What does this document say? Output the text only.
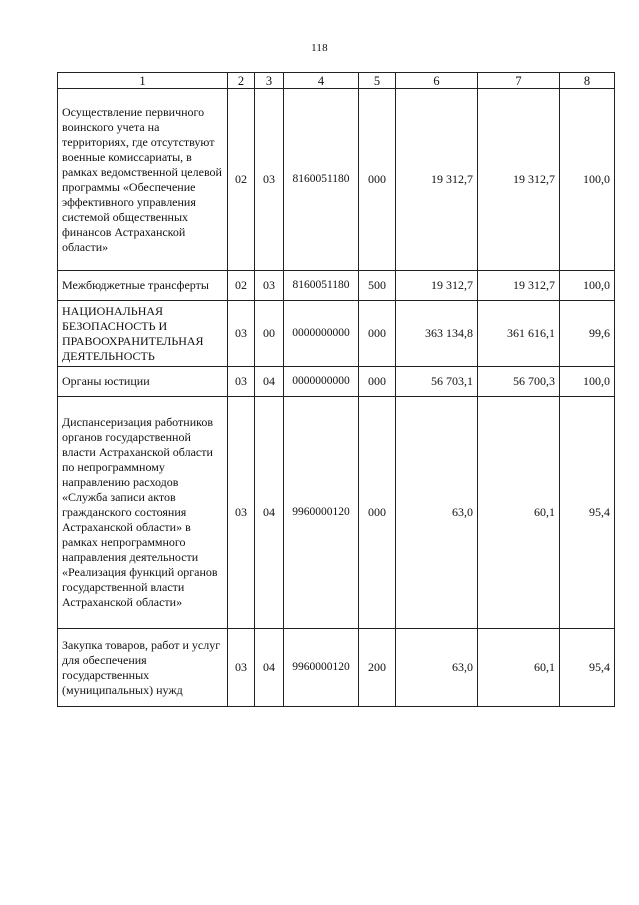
118
1	2	3	4	5	6	7	8
Осуществление первичного воинского учета на территориях, где отсутствуют военные комиссариаты, в рамках ведомственной целевой программы «Обеспечение эффективного управления системой общественных финансов Астраханской области»	02	03	8160051180	000	19 312,7	19 312,7	100,0
Межбюджетные трансферты	02	03	8160051180	500	19 312,7	19 312,7	100,0
НАЦИОНАЛЬНАЯ БЕЗОПАСНОСТЬ И ПРАВООХРАНИТЕЛЬНАЯ ДЕЯТЕЛЬНОСТЬ	03	00	0000000000	000	363 134,8	361 616,1	99,6
Органы юстиции	03	04	0000000000	000	56 703,1	56 700,3	100,0
Диспансеризация работников органов государственной власти Астраханской области по непрограммному направлению расходов «Служба записи актов гражданского состояния Астраханской области» в рамках непрограммного направления деятельности «Реализация функций органов государственной власти Астраханской области»	03	04	9960000120	000	63,0	60,1	95,4
Закупка товаров, работ и услуг для обеспечения государственных (муниципальных) нужд	03	04	9960000120	200	63,0	60,1	95,4
